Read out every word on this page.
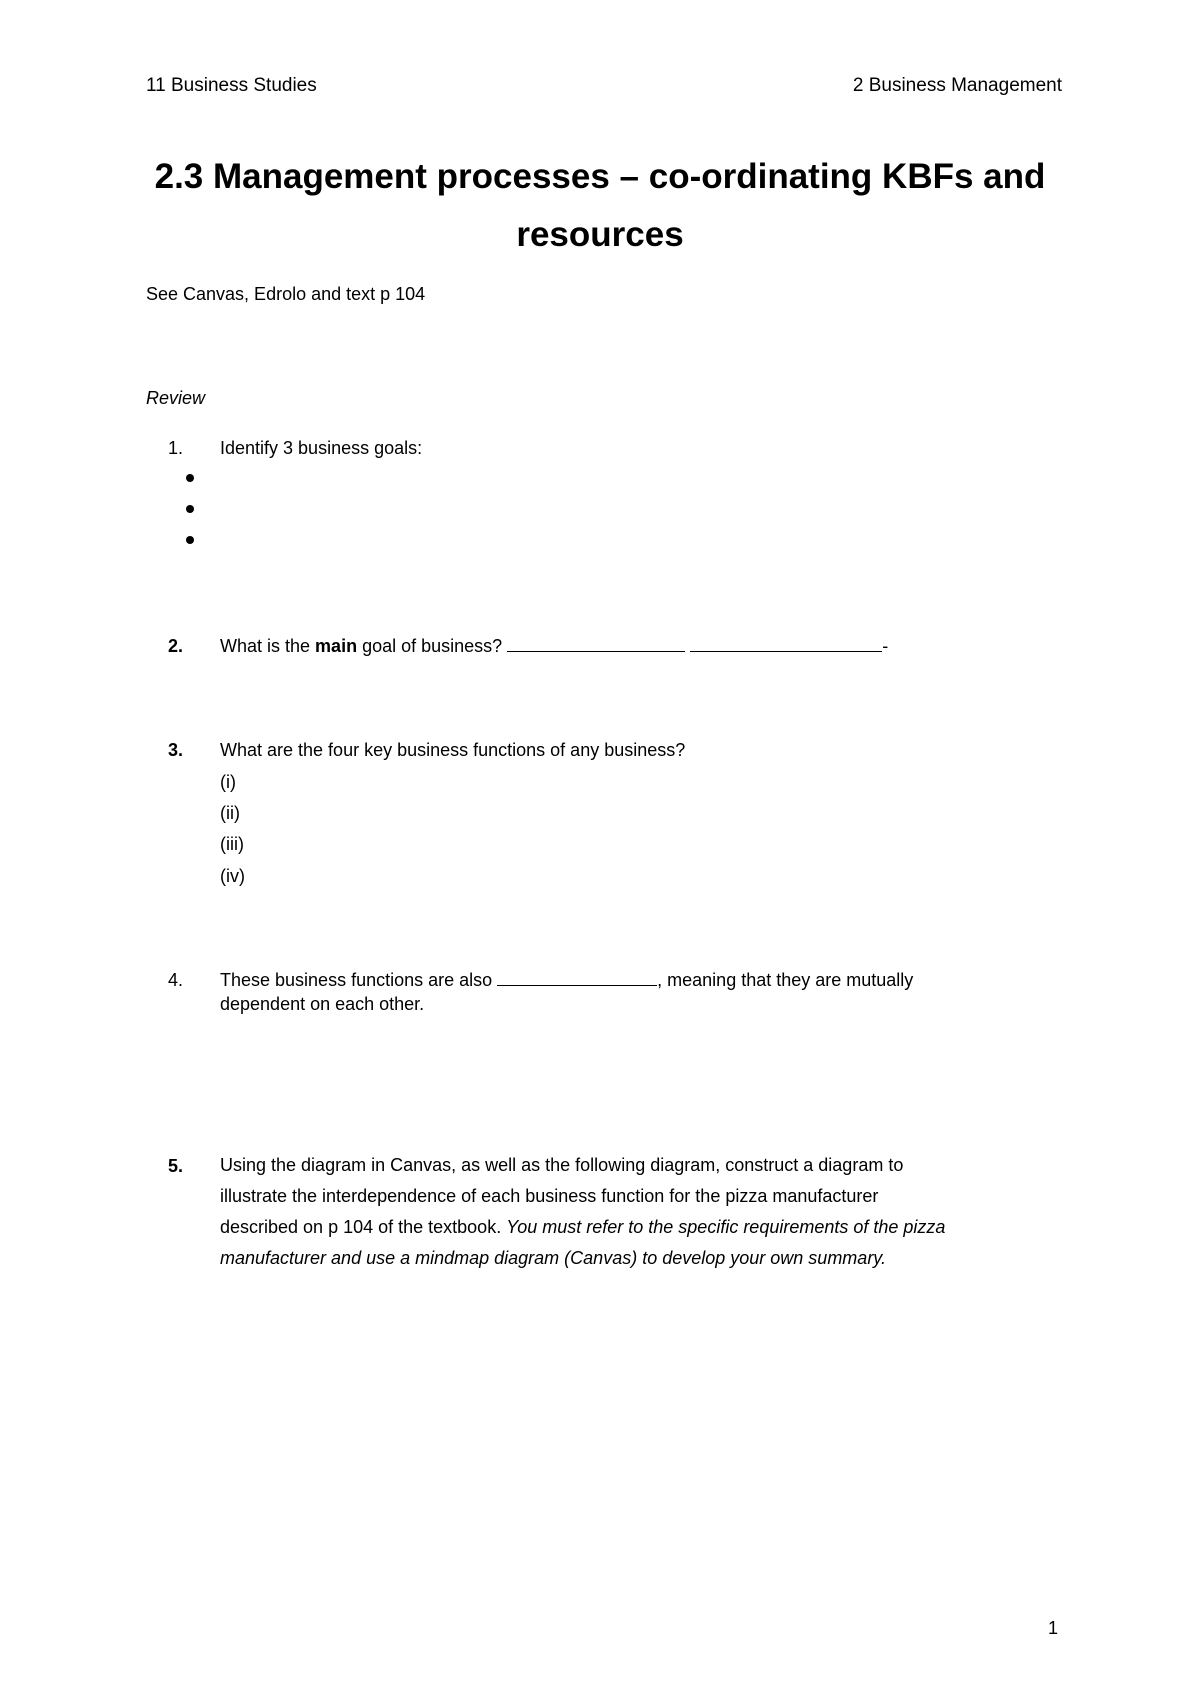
11 Business Studies	2 Business Management
2.3 Management processes – co-ordinating KBFs and
resources
See Canvas, Edrolo and text p 104
Review
1. Identify 3 business goals:
2. What is the main goal of business?	-
3. What are the four key business functions of any business?
(i)
(ii)
(iii)
(iv)
4. These business functions are also	, meaning that they are mutually
dependent on each other.
5. Using the diagram in Canvas, as well as the following diagram, construct a diagram to
illustrate the interdependence of each business function for the pizza manufacturer
described on p 104 of the textbook. You must refer to the specific requirements of the pizza
manufacturer and use a mindmap diagram (Canvas) to develop your own summary.
1
